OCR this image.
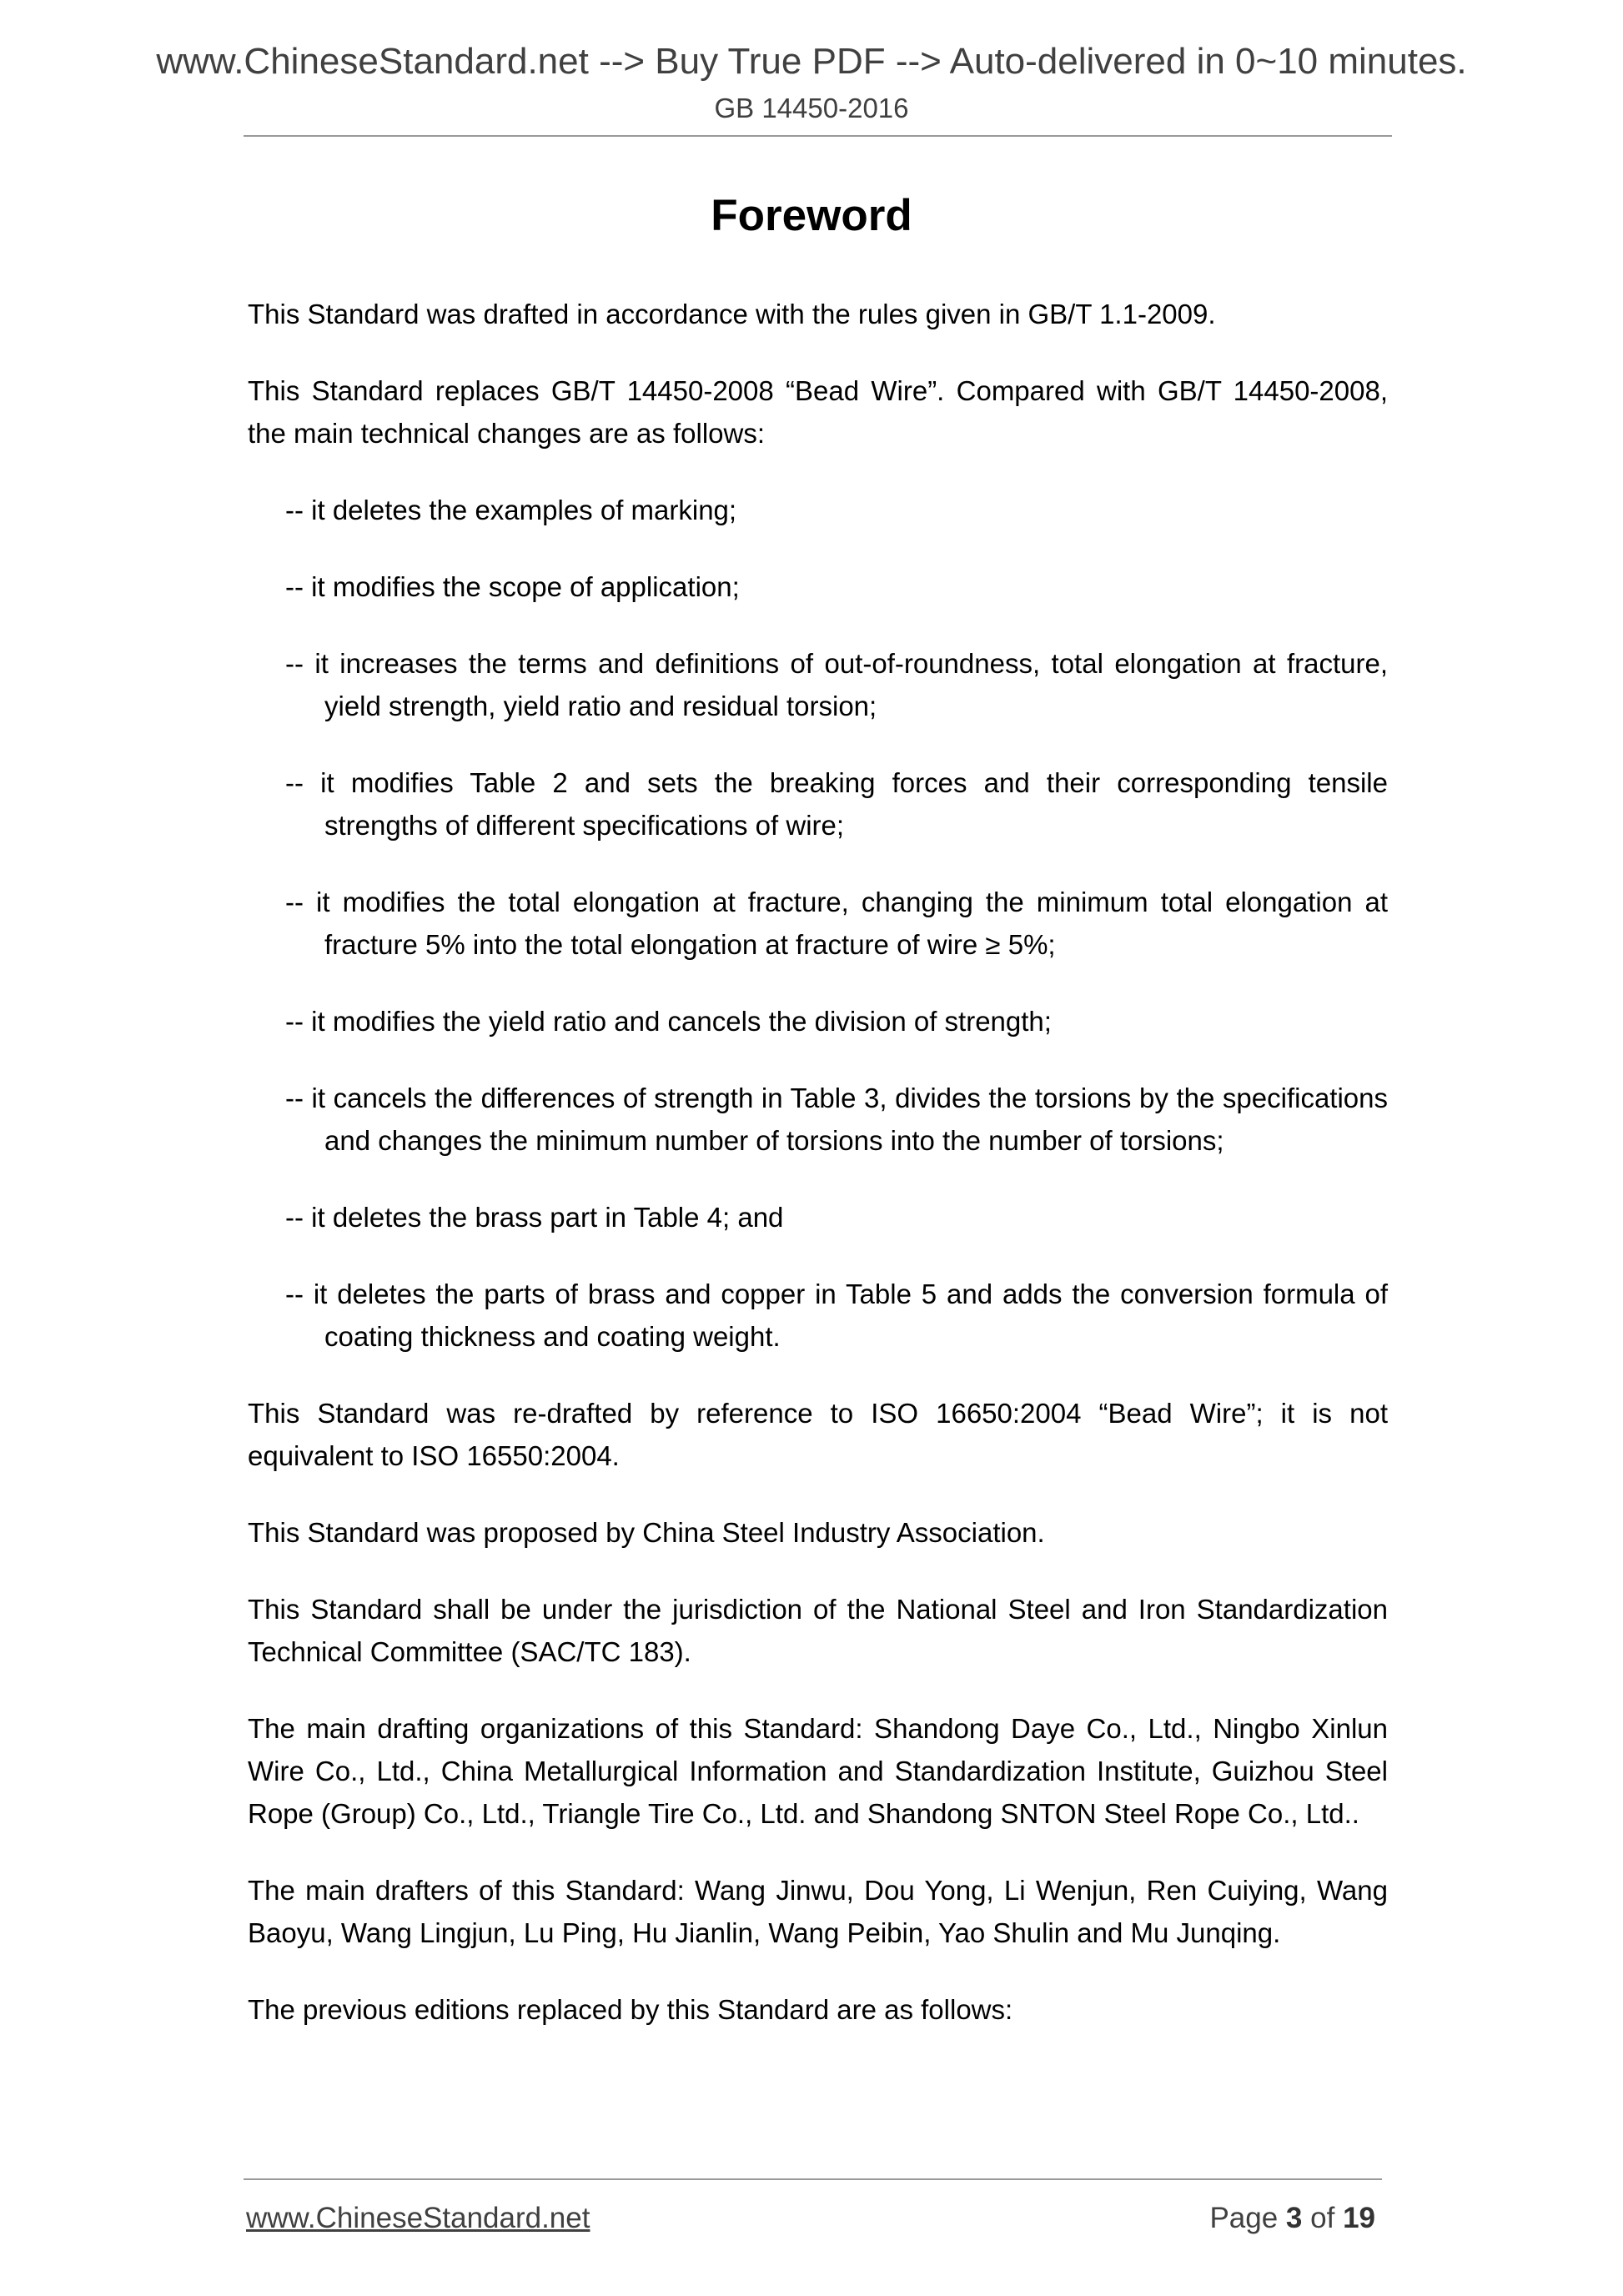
www.ChineseStandard.net --> Buy True PDF --> Auto-delivered in 0~10 minutes.
GB 14450-2016
Foreword

This Standard was drafted in accordance with the rules given in GB/T 1.1-2009.

This Standard replaces GB/T 14450-2008 “Bead Wire”. Compared with GB/T 14450-2008, the main technical changes are as follows:

-- it deletes the examples of marking;

-- it modifies the scope of application;

-- it increases the terms and definitions of out-of-roundness, total elongation at fracture, yield strength, yield ratio and residual torsion;

-- it modifies Table 2 and sets the breaking forces and their corresponding tensile strengths of different specifications of wire;

-- it modifies the total elongation at fracture, changing the minimum total elongation at fracture 5% into the total elongation at fracture of wire ≥ 5%;

-- it modifies the yield ratio and cancels the division of strength;

-- it cancels the differences of strength in Table 3, divides the torsions by the specifications and changes the minimum number of torsions into the number of torsions;

-- it deletes the brass part in Table 4; and

-- it deletes the parts of brass and copper in Table 5 and adds the conversion formula of coating thickness and coating weight.

This Standard was re-drafted by reference to ISO 16650:2004 “Bead Wire”; it is not equivalent to ISO 16550:2004.

This Standard was proposed by China Steel Industry Association.

This Standard shall be under the jurisdiction of the National Steel and Iron Standardization Technical Committee (SAC/TC 183).

The main drafting organizations of this Standard: Shandong Daye Co., Ltd., Ningbo Xinlun Wire Co., Ltd., China Metallurgical Information and Standardization Institute, Guizhou Steel Rope (Group) Co., Ltd., Triangle Tire Co., Ltd. and Shandong SNTON Steel Rope Co., Ltd..

The main drafters of this Standard: Wang Jinwu, Dou Yong, Li Wenjun, Ren Cuiying, Wang Baoyu, Wang Lingjun, Lu Ping, Hu Jianlin, Wang Peibin, Yao Shulin and Mu Junqing.

The previous editions replaced by this Standard are as follows:

www.ChineseStandard.net	Page 3 of 19
